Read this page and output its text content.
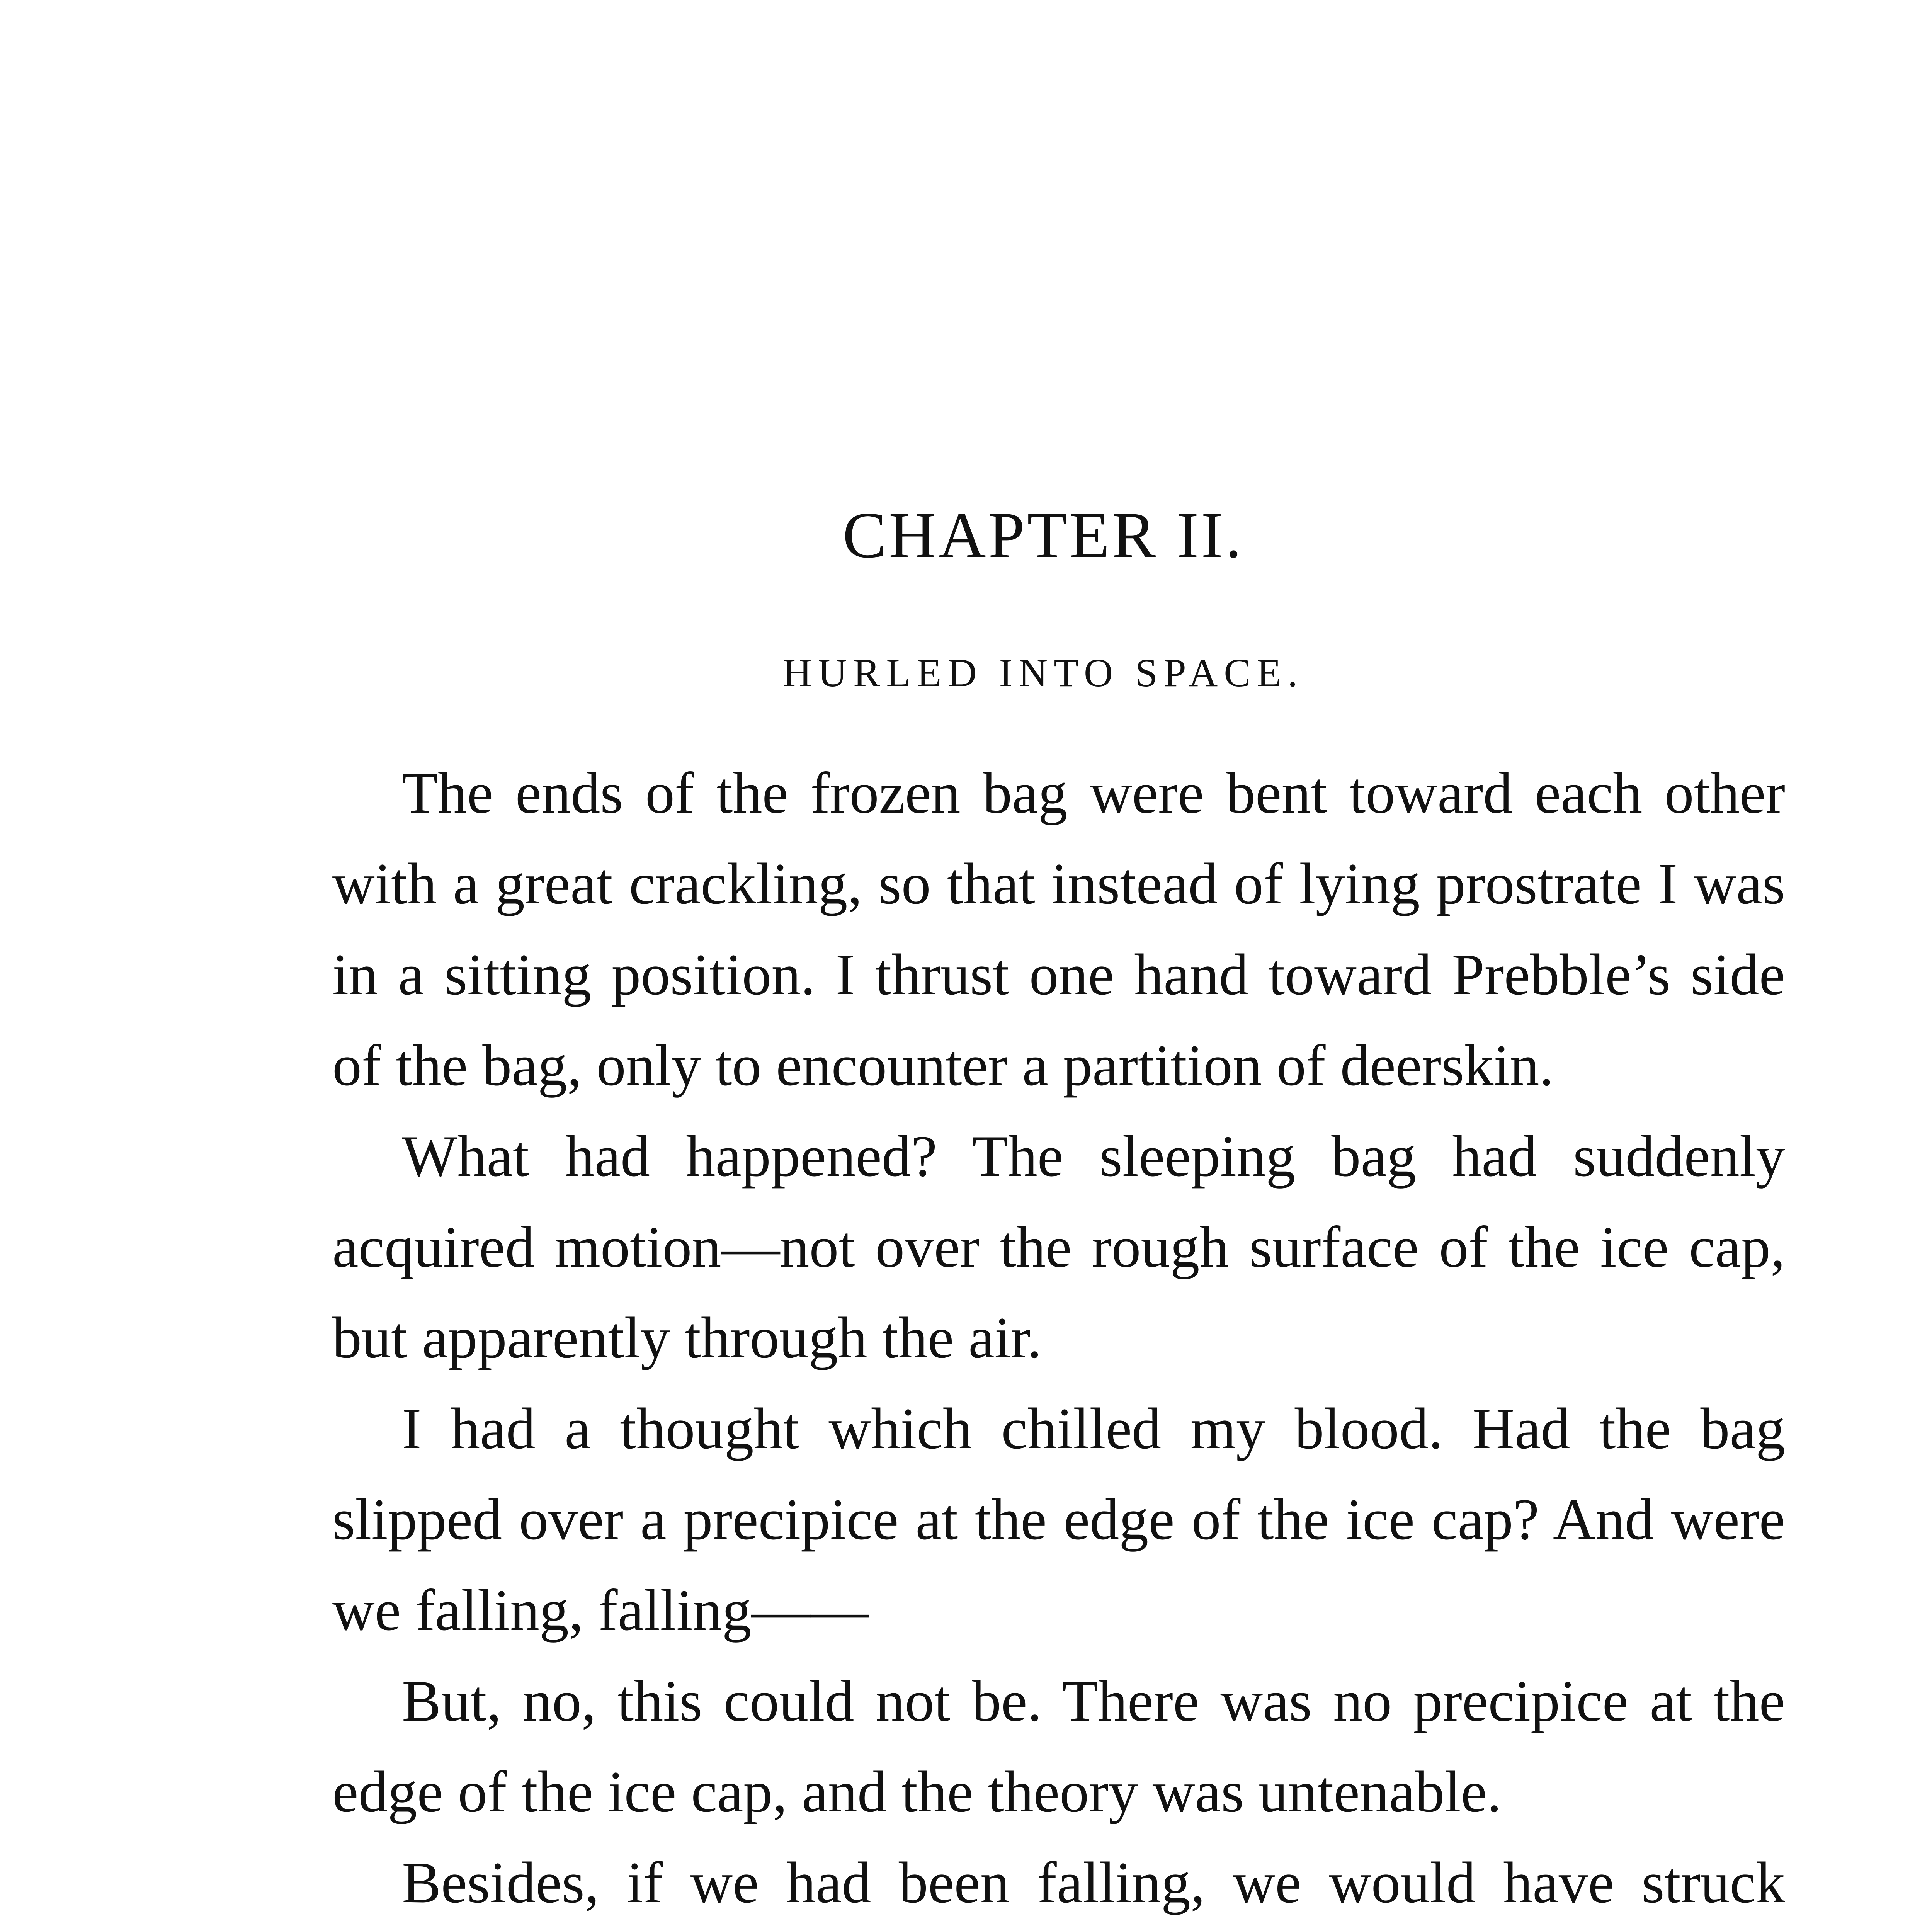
CHAPTER II.
HURLED INTO SPACE.

The ends of the frozen bag were bent toward each other with a great crackling, so that instead of lying prostrate I was in a sitting position. I thrust one hand toward Prebble’s side of the bag, only to encounter a partition of deerskin.

What had happened? The sleeping bag had suddenly acquired motion—not over the rough surface of the ice cap, but apparently through the air.

I had a thought which chilled my blood. Had the bag slipped over a precipice at the edge of the ice cap? And were we falling, falling——

But, no, this could not be. There was no precipice at the edge of the ice cap, and the theory was untenable.

Besides, if we had been falling, we would have struck
